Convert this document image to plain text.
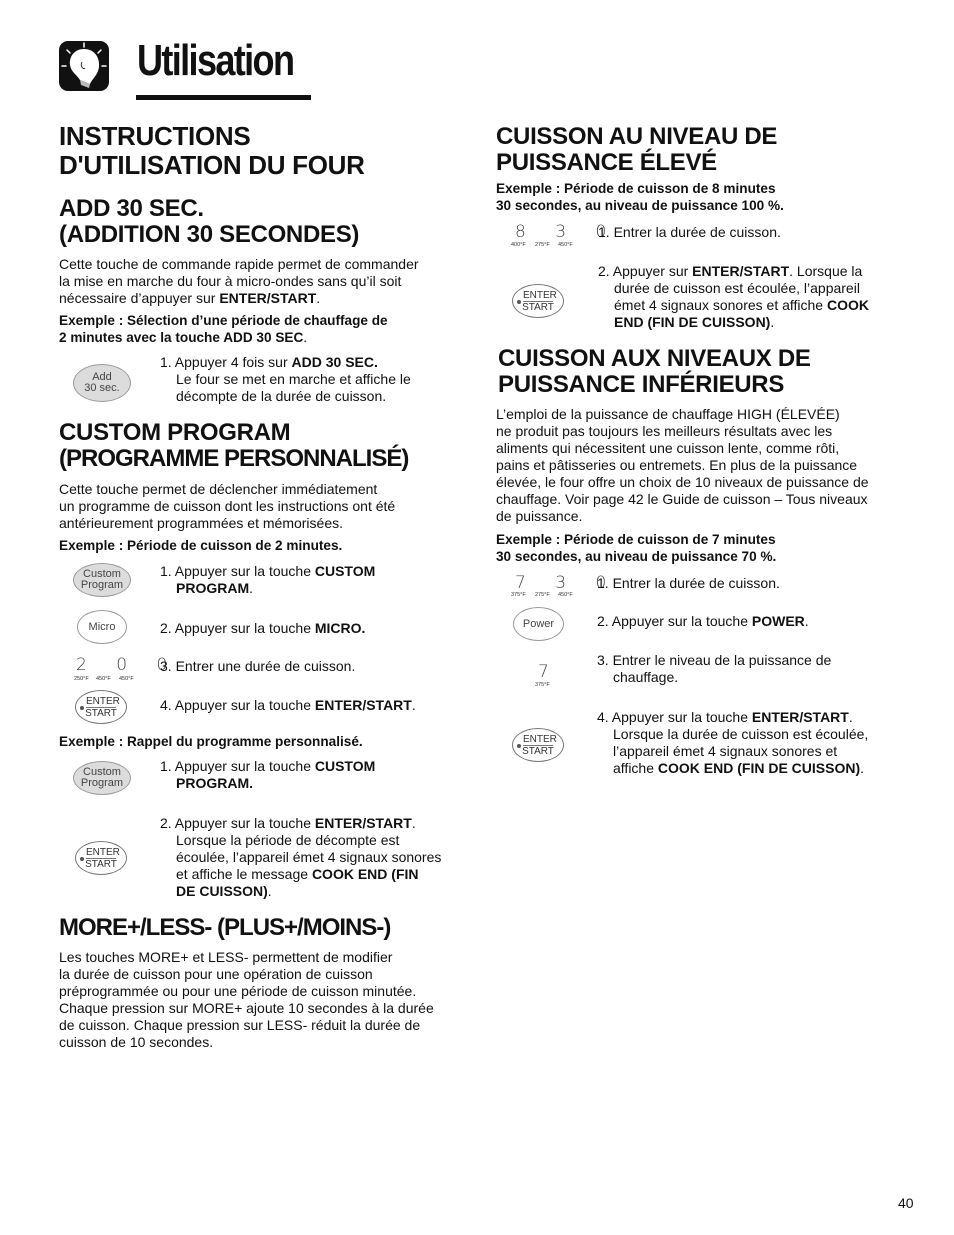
Utilisation
INSTRUCTIONS
D'UTILISATION DU FOUR
ADD 30 SEC.
(ADDITION 30 SECONDES)
Cette touche de commande rapide permet de commander
la mise en marche du four à micro-ondes sans qu’il soit
nécessaire d’appuyer sur ENTER/START.
Exemple : Sélection d’une période de chauffage de
2 minutes avec la touche ADD 30 SEC.
Add
30 sec.
1. Appuyer 4 fois sur ADD 30 SEC.
Le four se met en marche et affiche le
décompte de la durée de cuisson.
CUSTOM PROGRAM
(PROGRAMME PERSONNALISÉ)
Cette touche permet de déclencher immédiatement
un programme de cuisson dont les instructions ont été
antérieurement programmées et mémorisées.
Exemple : Période de cuisson de 2 minutes.
Custom
Program
1. Appuyer sur la touche CUSTOM
PROGRAM.
Micro	2. Appuyer sur la touche MICRO.
2 0 0
250°F	450°F	450°F
3. Entrer une durée de cuisson.
ENTER
START
4. Appuyer sur la touche ENTER/START.
Exemple : Rappel du programme personnalisé.
Custom
Program
1. Appuyer sur la touche CUSTOM
PROGRAM.
ENTER
START
2. Appuyer sur la touche ENTER/START.
Lorsque la période de décompte est
écoulée, l’appareil émet 4 signaux sonores
et affiche le message COOK END (FIN
DE CUISSON).
MORE+/LESS- (PLUS+/MOINS-)
Les touches MORE+ et LESS- permettent de modifier
la durée de cuisson pour une opération de cuisson
préprogrammée ou pour une période de cuisson minutée.
Chaque pression sur MORE+ ajoute 10 secondes à la durée
de cuisson. Chaque pression sur LESS- réduit la durée de
cuisson de 10 secondes.
CUISSON AU NIVEAU DE
PUISSANCE ÉLEVÉ
Exemple : Période de cuisson de 8 minutes
30 secondes, au niveau de puissance 100 %.
8 3 0
400°F	275°F	450°F
1. Entrer la durée de cuisson.
ENTER
START
2. Appuyer sur ENTER/START. Lorsque la
durée de cuisson est écoulée, l’appareil
émet 4 signaux sonores et affiche COOK
END (FIN DE CUISSON).
CUISSON AUX NIVEAUX DE
PUISSANCE INFÉRIEURS
L’emploi de la puissance de chauffage HIGH (ÉLEVÉE)
ne produit pas toujours les meilleurs résultats avec les
aliments qui nécessitent une cuisson lente, comme rôti,
pains et pâtisseries ou entremets. En plus de la puissance
élevée, le four offre un choix de 10 niveaux de puissance de
chauffage. Voir page 42 le Guide de cuisson – Tous niveaux
de puissance.
Exemple : Période de cuisson de 7 minutes
30 secondes, au niveau de puissance 70 %.
7 3 0
375°F	275°F	450°F
1. Entrer la durée de cuisson.
Power	2. Appuyer sur la touche POWER.
7
375°F
3. Entrer le niveau de la puissance de
chauffage.
ENTER
START
4. Appuyer sur la touche ENTER/START.
Lorsque la durée de cuisson est écoulée,
l’appareil émet 4 signaux sonores et
affiche COOK END (FIN DE CUISSON).
40
